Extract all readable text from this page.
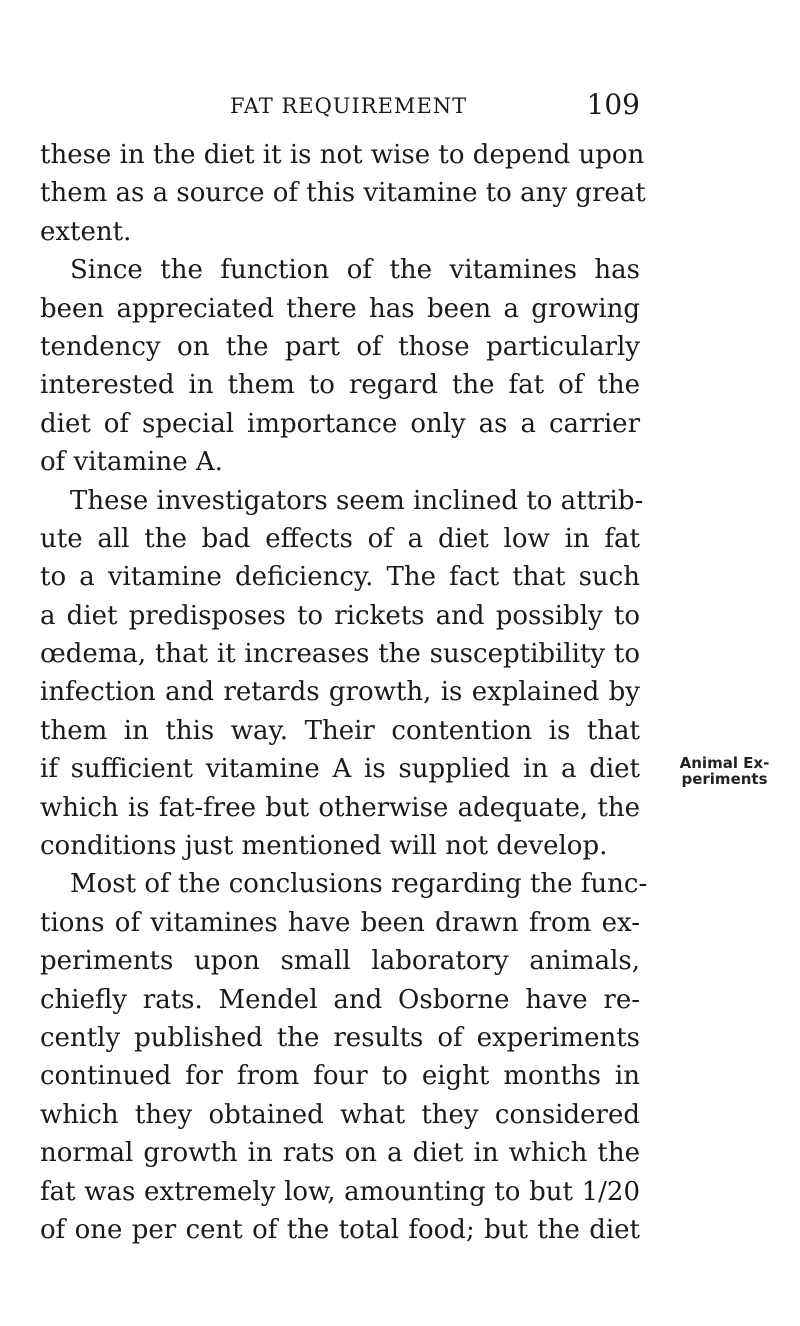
FAT REQUIREMENT	109
these in the diet it is not wise to depend upon
them as a source of this vitamine to any great
extent.
Since the function of the vitamines has
been appreciated there has been a growing
tendency on the part of those particularly
interested in them to regard the fat of the
diet of special importance only as a carrier
of vitamine A.
These investigators seem inclined to attrib-
ute all the bad effects of a diet low in fat
to a vitamine deficiency. The fact that such
a diet predisposes to rickets and possibly to
œdema, that it increases the susceptibility to
infection and retards growth, is explained by
them in this way. Their contention is that
if sufficient vitamine A is supplied in a diet
which is fat-free but otherwise adequate, the
conditions just mentioned will not develop.
Most of the conclusions regarding the func-
tions of vitamines have been drawn from ex-
periments upon small laboratory animals,
chiefly rats. Mendel and Osborne have re-
cently published the results of experiments
continued for from four to eight months in
which they obtained what they considered
normal growth in rats on a diet in which the
fat was extremely low, amounting to but 1/20
of one per cent of the total food; but the diet
Animal Ex-
periments
